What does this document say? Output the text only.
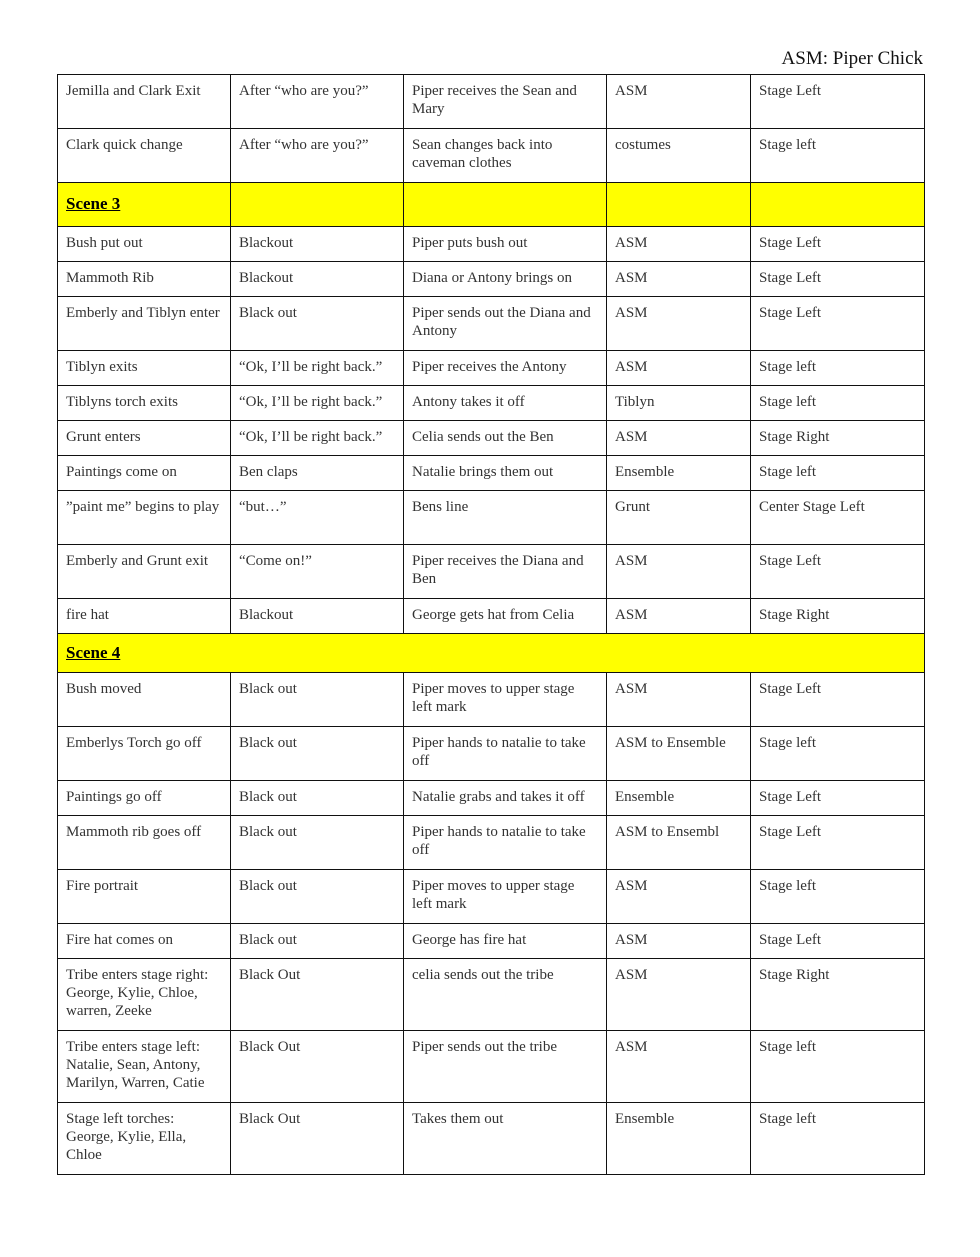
ASM: Piper Chick
Jemilla and Clark Exit	After “who are you?”	Piper receives the Sean and Mary	ASM	Stage Left
Clark quick change	After “who are you?”	Sean changes back into caveman clothes	costumes	Stage left
Scene 3				
Bush put out	Blackout	Piper puts bush out	ASM	Stage Left
Mammoth Rib	Blackout	Diana or Antony brings on	ASM	Stage Left
Emberly and Tiblyn enter	Black out	Piper sends out the Diana and Antony	ASM	Stage Left
Tiblyn exits	“Ok, I’ll be right back.”	Piper receives the Antony	ASM	Stage left
Tiblyns torch exits	“Ok, I’ll be right back.”	Antony takes it off	Tiblyn	Stage left
Grunt enters	“Ok, I’ll be right back.”	Celia sends out the Ben	ASM	Stage Right
Paintings come on	Ben claps	Natalie brings them out	Ensemble	Stage left
”paint me” begins to play	“but…”	Bens line	Grunt	Center Stage Left
Emberly and Grunt exit	“Come on!”	Piper receives the Diana and Ben	ASM	Stage Left
fire hat	Blackout	George gets hat from Celia	ASM	Stage Right
Scene 4				
Bush moved	Black out	Piper moves to upper stage left mark	ASM	Stage Left
Emberlys Torch go off	Black out	Piper hands to natalie to take off	ASM to Ensemble	Stage left
Paintings go off	Black out	Natalie grabs and takes it off	Ensemble	Stage Left
Mammoth rib goes off	Black out	Piper hands to natalie to take off	ASM to Ensembl	Stage Left
Fire portrait	Black out	Piper moves to upper stage left mark	ASM	Stage left
Fire hat comes on	Black out	George has fire hat	ASM	Stage Left
Tribe enters stage right: George, Kylie, Chloe, warren, Zeeke	Black Out	celia sends out the tribe	ASM	Stage Right
Tribe enters stage left: Natalie, Sean, Antony, Marilyn, Warren, Catie	Black Out	Piper sends out the tribe	ASM	Stage left
Stage left torches: George, Kylie, Ella, Chloe	Black Out	Takes them out	Ensemble	Stage left
